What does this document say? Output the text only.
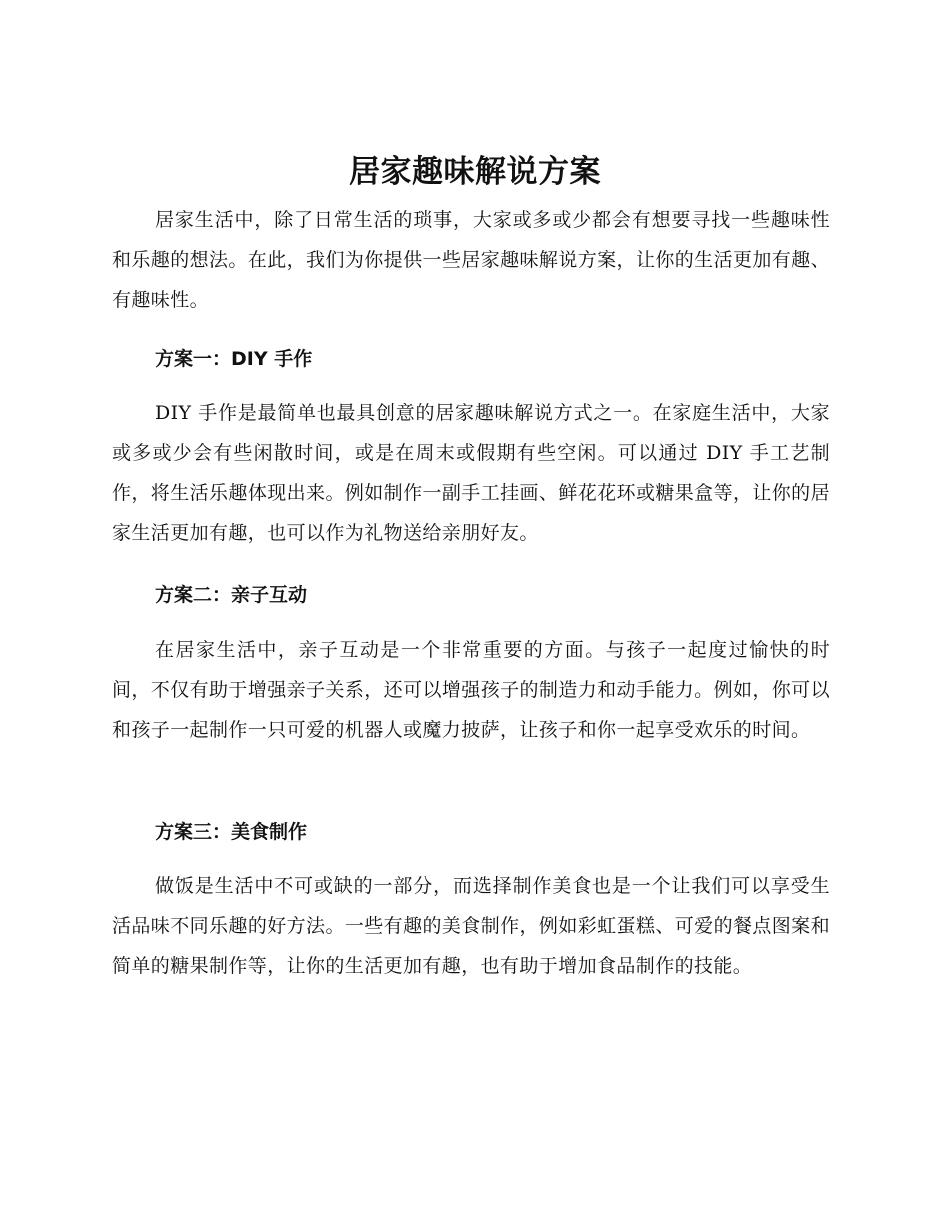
居家趣味解说方案

居家生活中，除了日常生活的琐事，大家或多或少都会有想要寻找一些趣味性和乐趣的想法。在此，我们为你提供一些居家趣味解说方案，让你的生活更加有趣、有趣味性。

方案一：DIY 手作

DIY 手作是最简单也最具创意的居家趣味解说方式之一。在家庭生活中，大家或多或少会有些闲散时间，或是在周末或假期有些空闲。可以通过 DIY 手工艺制作，将生活乐趣体现出来。例如制作一副手工挂画、鲜花花环或糖果盒等，让你的居家生活更加有趣，也可以作为礼物送给亲朋好友。

方案二：亲子互动

在居家生活中，亲子互动是一个非常重要的方面。与孩子一起度过愉快的时间，不仅有助于增强亲子关系，还可以增强孩子的制造力和动手能力。例如，你可以和孩子一起制作一只可爱的机器人或魔力披萨，让孩子和你一起享受欢乐的时间。

方案三：美食制作

做饭是生活中不可或缺的一部分，而选择制作美食也是一个让我们可以享受生活品味不同乐趣的好方法。一些有趣的美食制作，例如彩虹蛋糕、可爱的餐点图案和简单的糖果制作等，让你的生活更加有趣，也有助于增加食品制作的技能。
